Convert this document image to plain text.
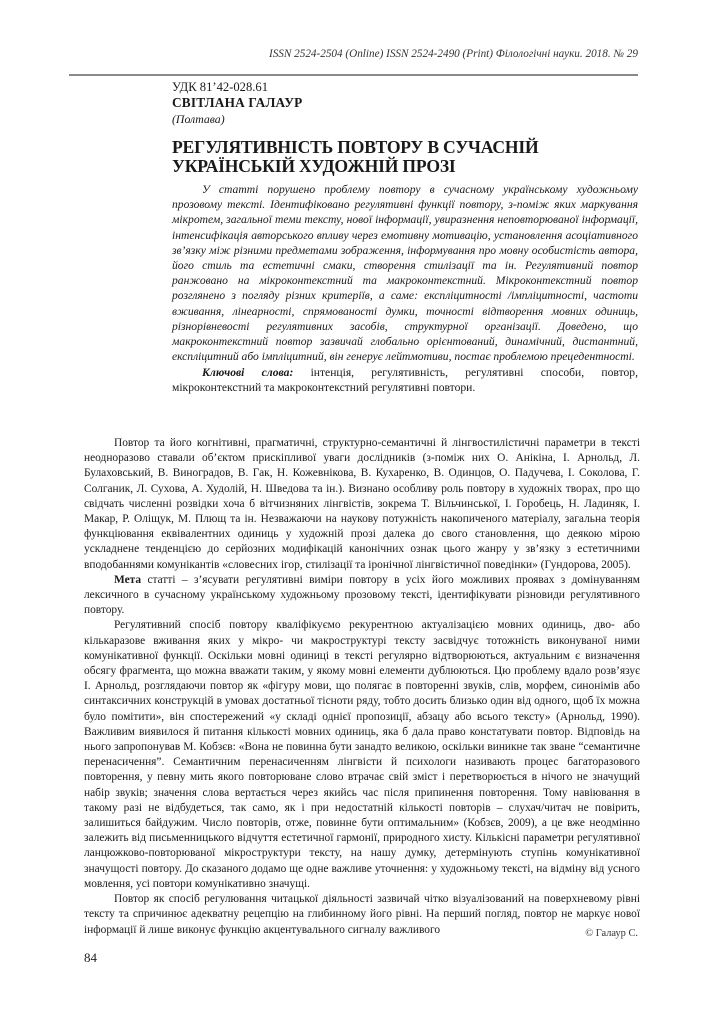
ISSN 2524-2504 (Online) ISSN 2524-2490 (Print) Філологічні науки. 2018. № 29
УДК 81’42-028.61
СВІТЛАНА ГАЛАУР
(Полтава)
РЕГУЛЯТИВНІСТЬ ПОВТОРУ В СУЧАСНІЙ УКРАЇНСЬКІЙ ХУДОЖНІЙ ПРОЗІ

У статті порушено проблему повтору в сучасному українському художньому прозовому тексті. Ідентифіковано регулятивні функції повтору, з-поміж яких маркування мікротем, загальної теми тексту, нової інформації, увиразнення неповторюваної інформації, інтенсифікація авторського впливу через емотивну мотивацію, установлення асоціативного зв’язку між різними предметами зображення, інформування про мовну особистість автора, його стиль та естетичні смаки, створення стилізації та ін. Регулятивний повтор ранжовано на мікроконтекстний та макроконтекстний. Мікроконтекстний повтор розглянено з погляду різних критеріїв, а саме: експліцитності /імпліцитності, частоти вживання, лінеарності, спрямованості думки, точності відтворення мовних одиниць, різнорівневості регулятивних засобів, структурної організації. Доведено, що макроконтекстний повтор зазвичай глобально орієнтований, динамічний, дистантний, експліцитний або імпліцитний, він генерує лейтмотиви, постає проблемою прецедентності.

Ключові слова: інтенція, регулятивність, регулятивні способи, повтор, мікроконтекстний та макроконтекстний регулятивні повтори.

Повтор та його когнітивні, прагматичні, структурно-семантичні й лінгвостилістичні параметри в тексті неодноразово ставали об’єктом прискіпливої уваги дослідників (з-поміж них О. Анікіна, І. Арнольд, Л. Булаховський, В. Виноградов, В. Гак, Н. Кожевнікова, В. Кухаренко, В. Одинцов, О. Падучева, І. Соколова, Г. Солганик, Л. Сухова, А. Худолій, Н. Шведова та ін.). Визнано особливу роль повтору в художніх творах, про що свідчать численні розвідки хоча б вітчизняних лінгвістів, зокрема Т. Вільчинської, І. Горобець, Н. Ладиняк, І. Макар, Р. Оліщук, М. Плющ та ін. Незважаючи на наукову потужність накопиченого матеріалу, загальна теорія функціювання еквівалентних одиниць у художній прозі далека до свого становлення, що деякою мірою ускладнене тенденцією до серйозних модифікацій канонічних ознак цього жанру у зв’язку з естетичними вподобаннями комунікантів «словесних ігор, стилізації та іронічної лінгвістичної поведінки» (Гундорова, 2005).

Мета статті – з’ясувати регулятивні виміри повтору в усіх його можливих проявах з домінуванням лексичного в сучасному українському художньому прозовому тексті, ідентифікувати різновиди регулятивного повтору.

Регулятивний спосіб повтору кваліфікуємо рекурентною актуалізацією мовних одиниць, дво- або кількаразове вживання яких у мікро- чи макроструктурі тексту засвідчує тотожність виконуваної ними комунікативної функції. Оскільки мовні одиниці в тексті регулярно відтворюються, актуальним є визначення обсягу фрагмента, що можна вважати таким, у якому мовні елементи дублюються. Цю проблему вдало розв’язує І. Арнольд, розглядаючи повтор як «фігуру мови, що полягає в повторенні звуків, слів, морфем, синонімів або синтаксичних конструкцій в умовах достатньої тісноти ряду, тобто досить близько один від одного, щоб їх можна було помітити», він спостережений «у складі однієї пропозиції, абзацу або всього тексту» (Арнольд, 1990). Важливим виявилося й питання кількості мовних одиниць, яка б дала право констатувати повтор. Відповідь на нього запропонував М. Кобзєв: «Вона не повинна бути занадто великою, оскільки виникне так зване “семантичне перенасичення”. Семантичним перенасиченням лінгвісти й психологи називають процес багаторазового повторення, у певну мить якого повторюване слово втрачає свій зміст і перетворюється в нічого не значущий набір звуків; значення слова вертається через якийсь час після припинення повторення. Тому навіювання в такому разі не відбудеться, так само, як і при недостатній кількості повторів – слухач/читач не повірить, залишиться байдужим. Число повторів, отже, повинне бути оптимальним» (Кобзєв, 2009), а це вже неодмінно залежить від письменницького відчуття естетичної гармонії, природного хисту. Кількісні параметри регулятивної ланцюжково-повторюваної мікроструктури тексту, на нашу думку, детермінують ступінь комунікативної значущості повтору. До сказаного додамо ще одне важливе уточнення: у художньому тексті, на відміну від усного мовлення, усі повтори комунікативно значущі.

Повтор як спосіб регулювання читацької діяльності зазвичай чітко візуалізований на поверхневому рівні тексту та спричинює адекватну рецепцію на глибинному його рівні. На перший погляд, повтор не маркує нової інформації й лише виконує функцію акцентувального сигналу важливого	© Галаур С.
84
